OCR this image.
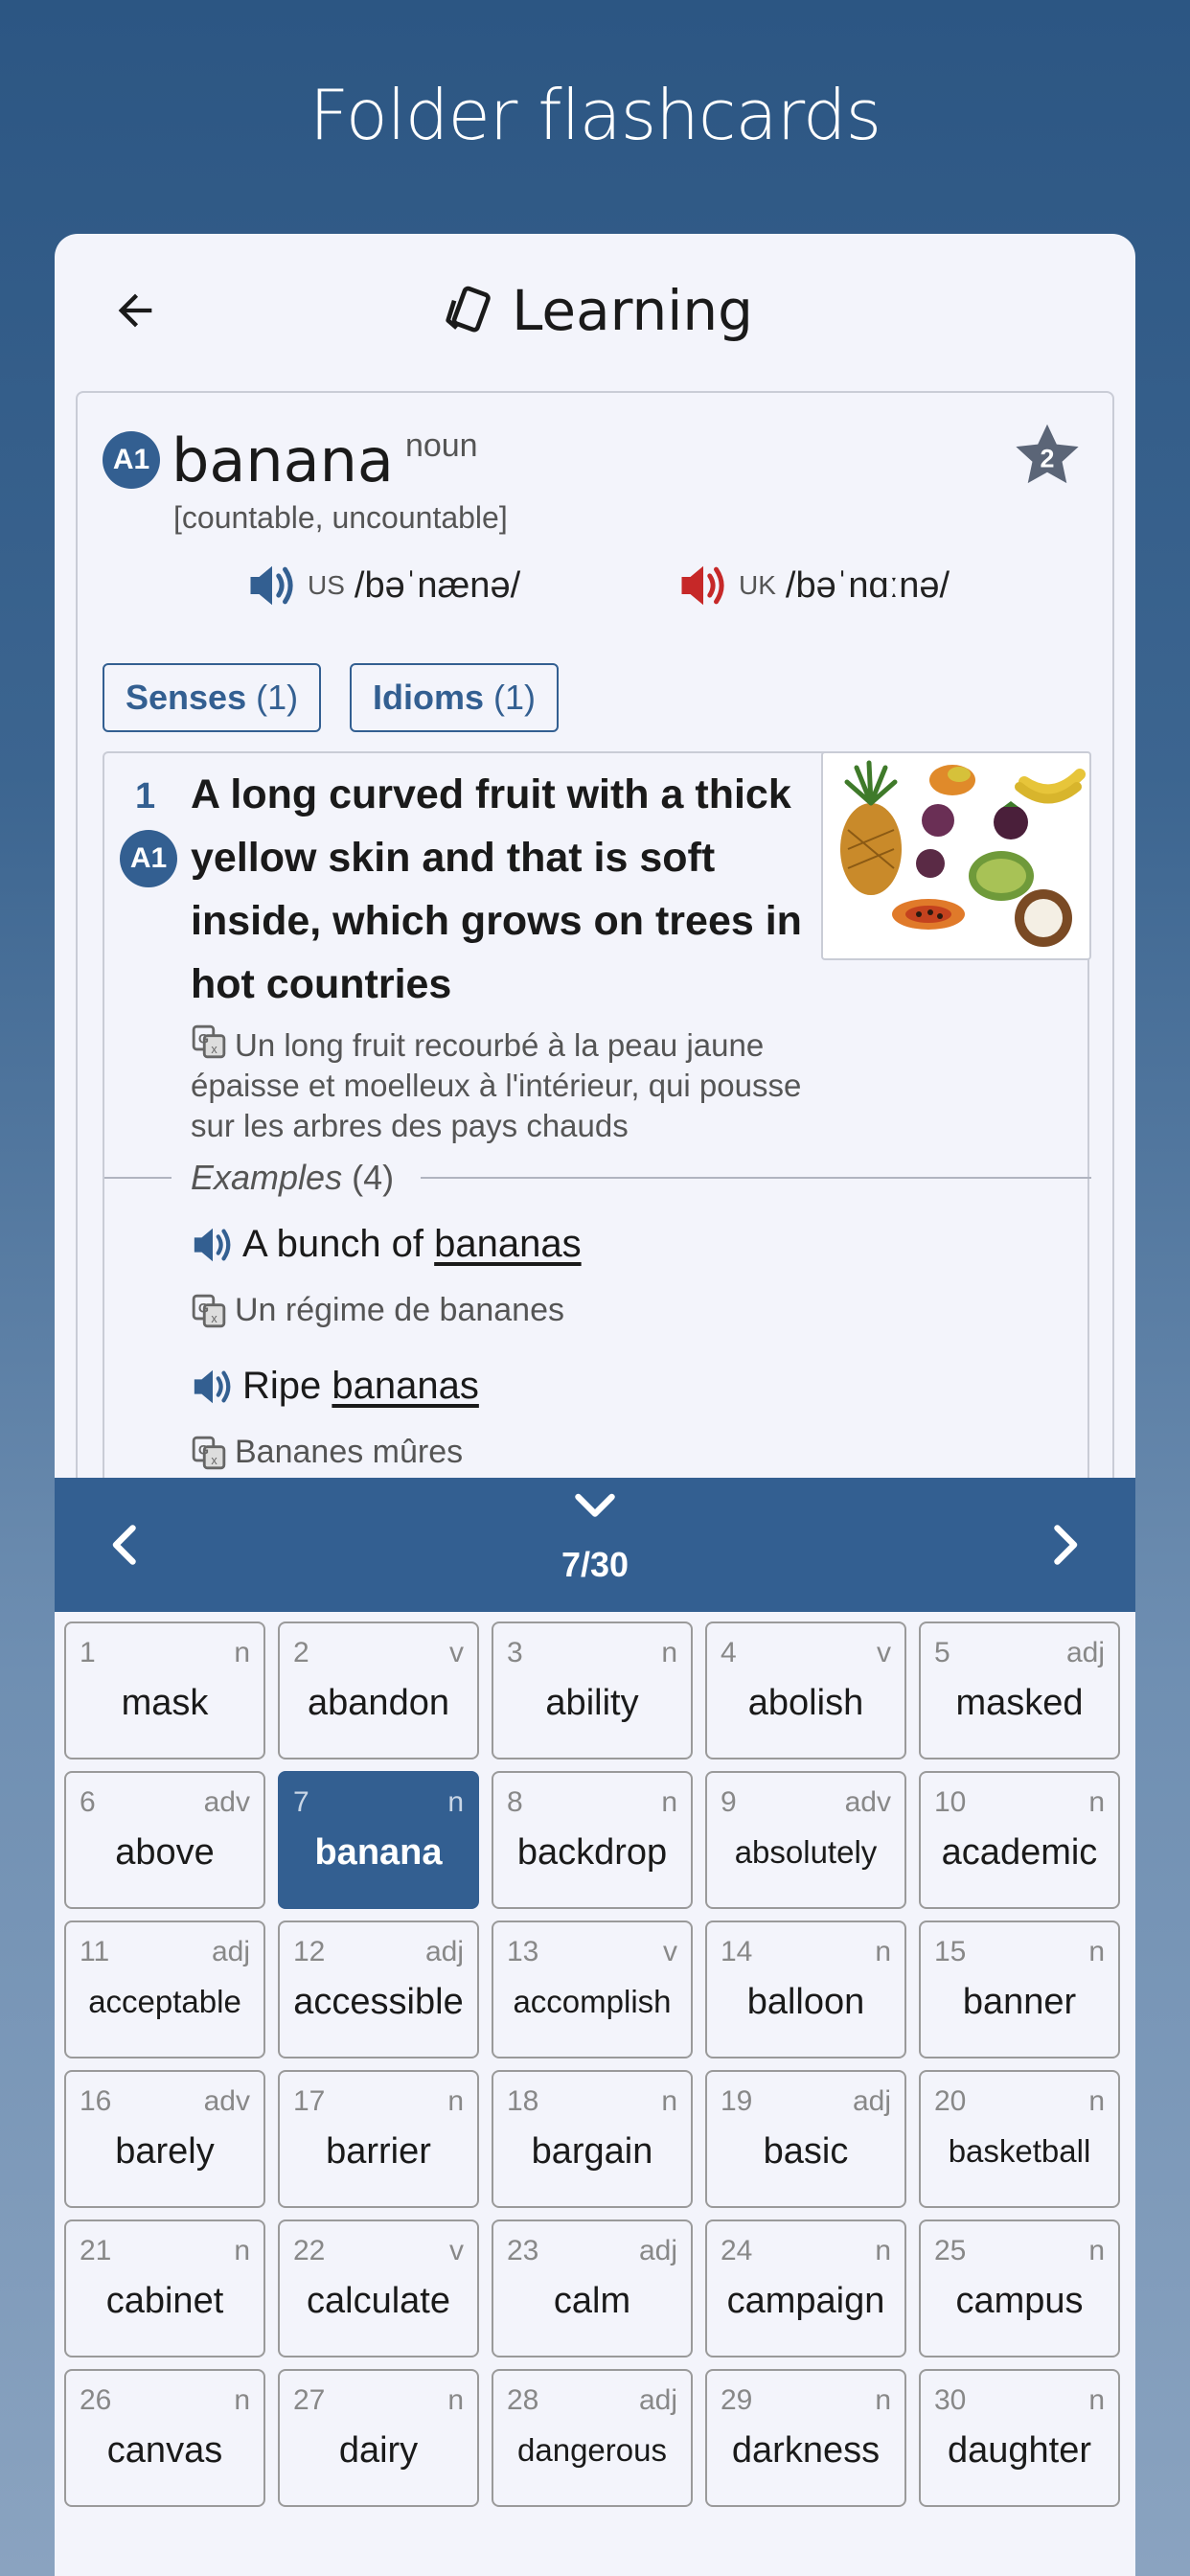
Folder flashcards
Learning
A1 banana noun	2
[countable, uncountable]
US /bəˈnænə/	UK /bəˈnɑːnə/
Senses (1) Idioms (1)
1
A1
A long curved fruit with a thick yellow skin and that is soft inside, which grows on trees in hot countries
G
x Un long fruit recourbé à la peau jaune épaisse et moelleux à l'intérieur, qui pousse sur les arbres des pays chauds
Examples (4)
A bunch of bananas
G
x Un régime de bananes
Ripe bananas
G
x Bananes mûres
7/30
1	n
mask
2	v
abandon
3	n
ability
4	v
abolish
5	adj
masked
6	adv
above
7	n
banana
8	n
backdrop
9	adv
absolutely
10	n
academic
11	adj
acceptable
12	adj
accessible
13	v
accomplish
14	n
balloon
15	n
banner
16	adv
barely
17	n
barrier
18	n
bargain
19	adj
basic
20	n
basketball
21	n
cabinet
22	v
calculate
23	adj
calm
24	n
campaign
25	n
campus
26	n
canvas
27	n
dairy
28	adj
dangerous
29	n
darkness
30	n
daughter
